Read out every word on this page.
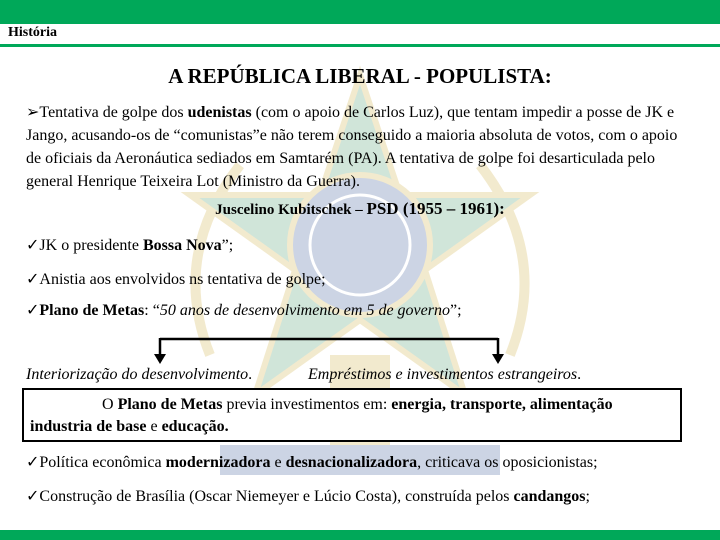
História
A REPÚBLICA LIBERAL - POPULISTA:
➢Tentativa de golpe dos udenistas (com o apoio de Carlos Luz), que tentam impedir a posse de JK e Jango, acusando-os de “comunistas”e não terem conseguido a maioria absoluta de votos, com o apoio de oficiais da Aeronáutica sediados em Samtarém (PA). A tentativa de golpe foi desarticulada pelo general Henrique Teixeira Lot (Ministro da Guerra).
Juscelino Kubitschek – PSD (1955 – 1961):
✓JK o presidente Bossa Nova”;
✓Anistia aos envolvidos ns tentativa de golpe;
✓Plano de Metas: “50 anos de desenvolvimento em 5 de governo”;
Interiorização do desenvolvimento.	Empréstimos e investimentos estrangeiros.
O Plano de Metas previa investimentos em: energia, transporte, alimentação industria de base e educação.
✓Política econômica modernizadora e desnacionalizadora, criticava os oposicionistas;
✓Construção de Brasília (Oscar Niemeyer e Lúcio Costa), construída pelos candangos;
